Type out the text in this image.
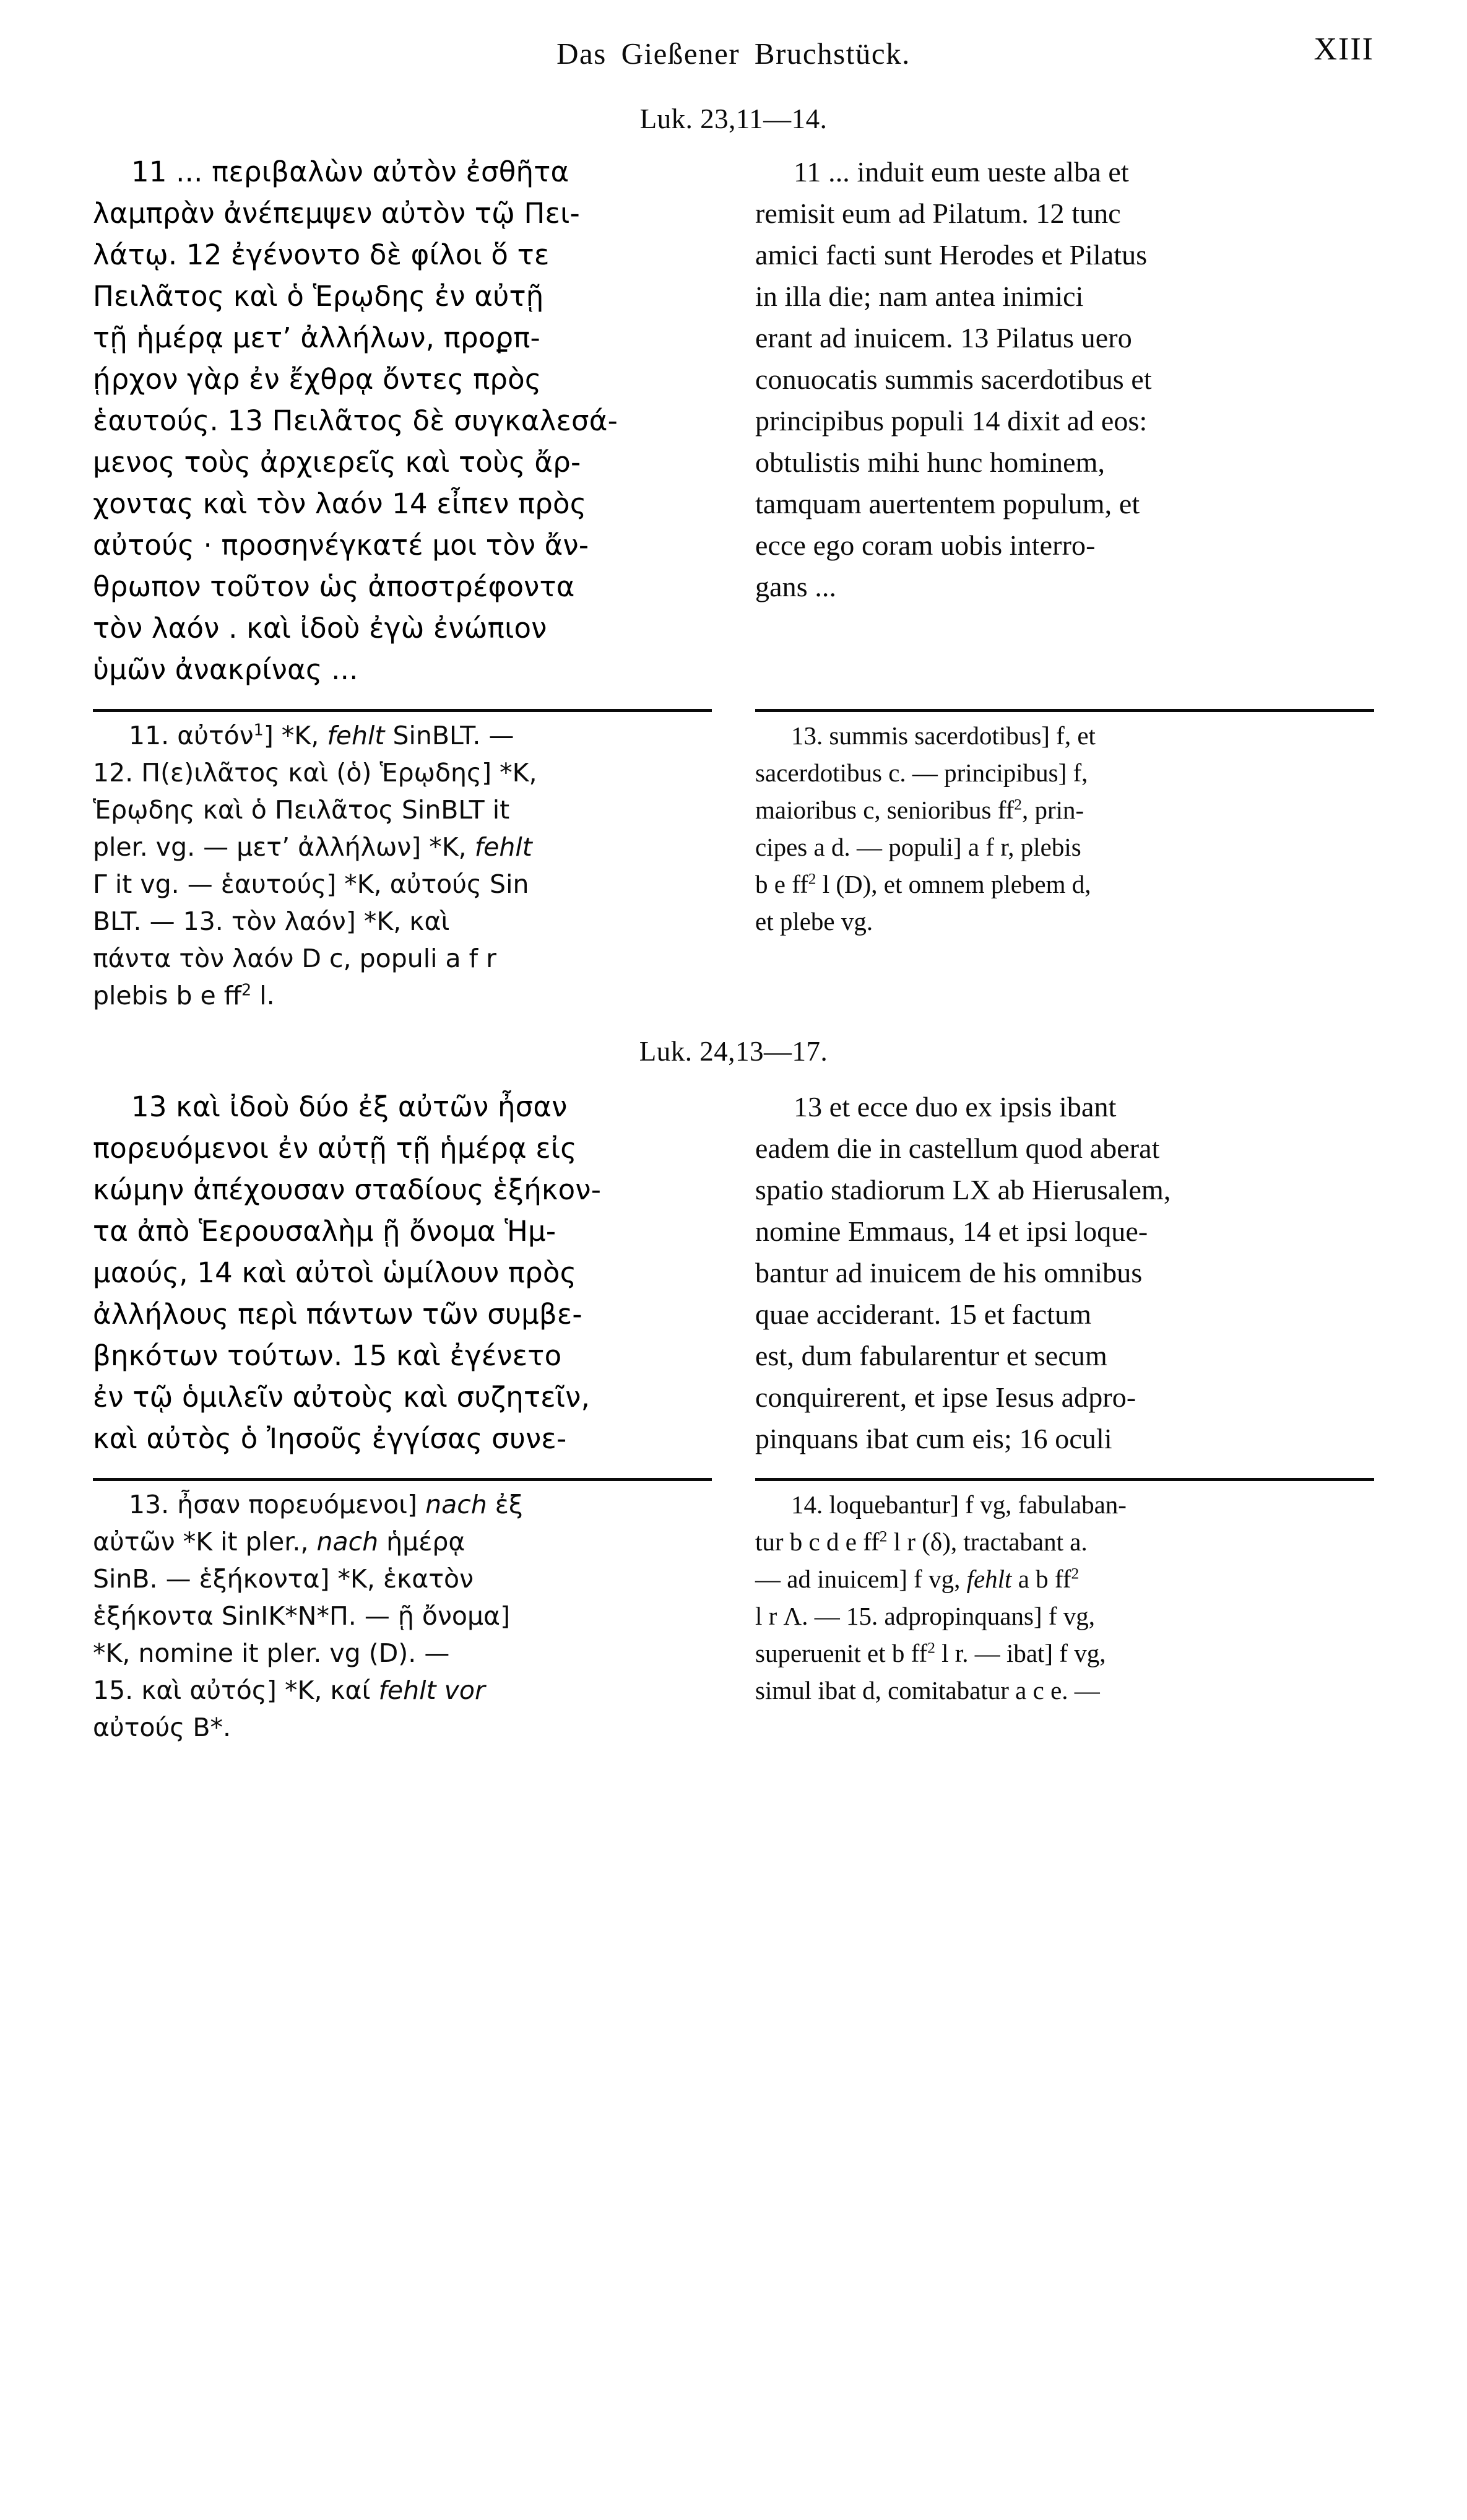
Das Gießener Bruchstück.	XIII
Luk. 23,11—14.
11 ... περιβαλὼν αὐτὸν ἐσθῆτα
λαμπρὰν ἀνέπεμψεν αὐτὸν τῷ Πει-
λάτῳ. 12 ἐγένοντο δὲ φίλοι ὅ τε
Πειλᾶτος καὶ ὁ Ἑρῳδης ἐν αὐτῇ
τῇ ἡμέρᾳ μετ’ ἀλλήλων, προϼπ-
ῄρχον γὰρ ἐν ἔχθρᾳ ὄντες πρὸς
ἑαυτούς. 13 Πειλᾶτος δὲ συγκαλεσά-
μενος τοὺς ἀρχιερεῖς καὶ τοὺς ἄρ-
χοντας καὶ τὸν λαόν 14 εἶπεν πρὸς
αὐτούς · προσηνέγκατέ μοι τὸν ἄν-
θρωπον τοῦτον ὡς ἀποστρέφοντα
τὸν λαόν . καὶ ἰδοὺ ἐγὼ ἐνώπιον
ὑμῶν ἀνακρίνας ...
11 ... induit eum ueste alba et
remisit eum ad Pilatum. 12 tunc
amici facti sunt Herodes et Pilatus
in illa die; nam antea inimici
erant ad inuicem. 13 Pilatus uero
conuocatis summis sacerdotibus et
principibus populi 14 dixit ad eos:
obtulistis mihi hunc hominem,
tamquam auertentem populum, et
ecce ego coram uobis interro-
gans ...
11. αὐτόν$^1$] *K, fehlt SinBLT. —
12. Π(ε)ιλᾶτος καὶ (ὁ) Ἑρῳδης] *K,
Ἑρῳδης καὶ ὁ Πειλᾶτος SinBLT it
pler. vg. — μετ’ ἀλλήλων] *K, fehlt
Γ it vg. — ἑαυτούς] *K, αὐτούς Sin
BLT. — 13. τὸν λαόν] *K, καὶ
πάντα τὸν λαόν D c, populi a f r
plebis b e $ff^2$ l.
13. summis sacerdotibus] f, et
sacerdotibus c. — principibus] f,
maioribus c, senioribus $ff^2$, prin-
cipes a d. — populi] a f r, plebis
b e $ff^2$ l (D), et omnem plebem d,
et plebe vg.
Luk. 24,13—17.
13 καὶ ἰδοὺ δύο ἐξ αὐτῶν ἦσαν
πορευόμενοι ἐν αὐτῇ τῇ ἡμέρᾳ εἰς
κώμην ἀπέχουσαν σταδίους ἑξήκον-
τα ἀπὸ Ἑερουσαλὴμ ῇ ὄνομα Ἡμ-
μαούς, 14 καὶ αὐτοὶ ὡμίλουν πρὸς
ἀλλήλους περὶ πάντων τῶν συμβε-
βηκότων τούτων. 15 καὶ ἐγένετο
ἐν τῷ ὁμιλεῖν αὐτοὺς καὶ συζητεῖν,
καὶ αὐτὸς ὁ Ἰησοῦς ἐγγίσας συνε-
13 et ecce duo ex ipsis ibant
eadem die in castellum quod aberat
spatio stadiorum LX ab Hierusalem,
nomine Emmaus, 14 et ipsi loque-
bantur ad inuicem de his omnibus
quae acciderant. 15 et factum
est, dum fabularentur et secum
conquirerent, et ipse Iesus adpro-
pinquans ibat cum eis; 16 oculi
13. ἦσαν πορευόμενοι] nach ἐξ
αὐτῶν *K it pler., nach ἡμέρᾳ
SinB. — ἑξήκοντα] *K, ἑκατὸν
ἑξήκοντα SinIK*N*Π. — ῇ ὄνομα]
*K, nomine it pler. vg (D). —
15. καὶ αὐτός] *K, καί fehlt vor
αὐτούς B*.
14. loquebantur] f vg, fabulaban-
tur b c d e $ff^2$ l r (δ), tractabant a.
— ad inuicem] f vg, fehlt a b $ff^2$
l r Λ. — 15. adpropinquans] f vg,
superuenit et b $ff^2$ l r. — ibat] f vg,
simul ibat d, comitabatur a c e. —
